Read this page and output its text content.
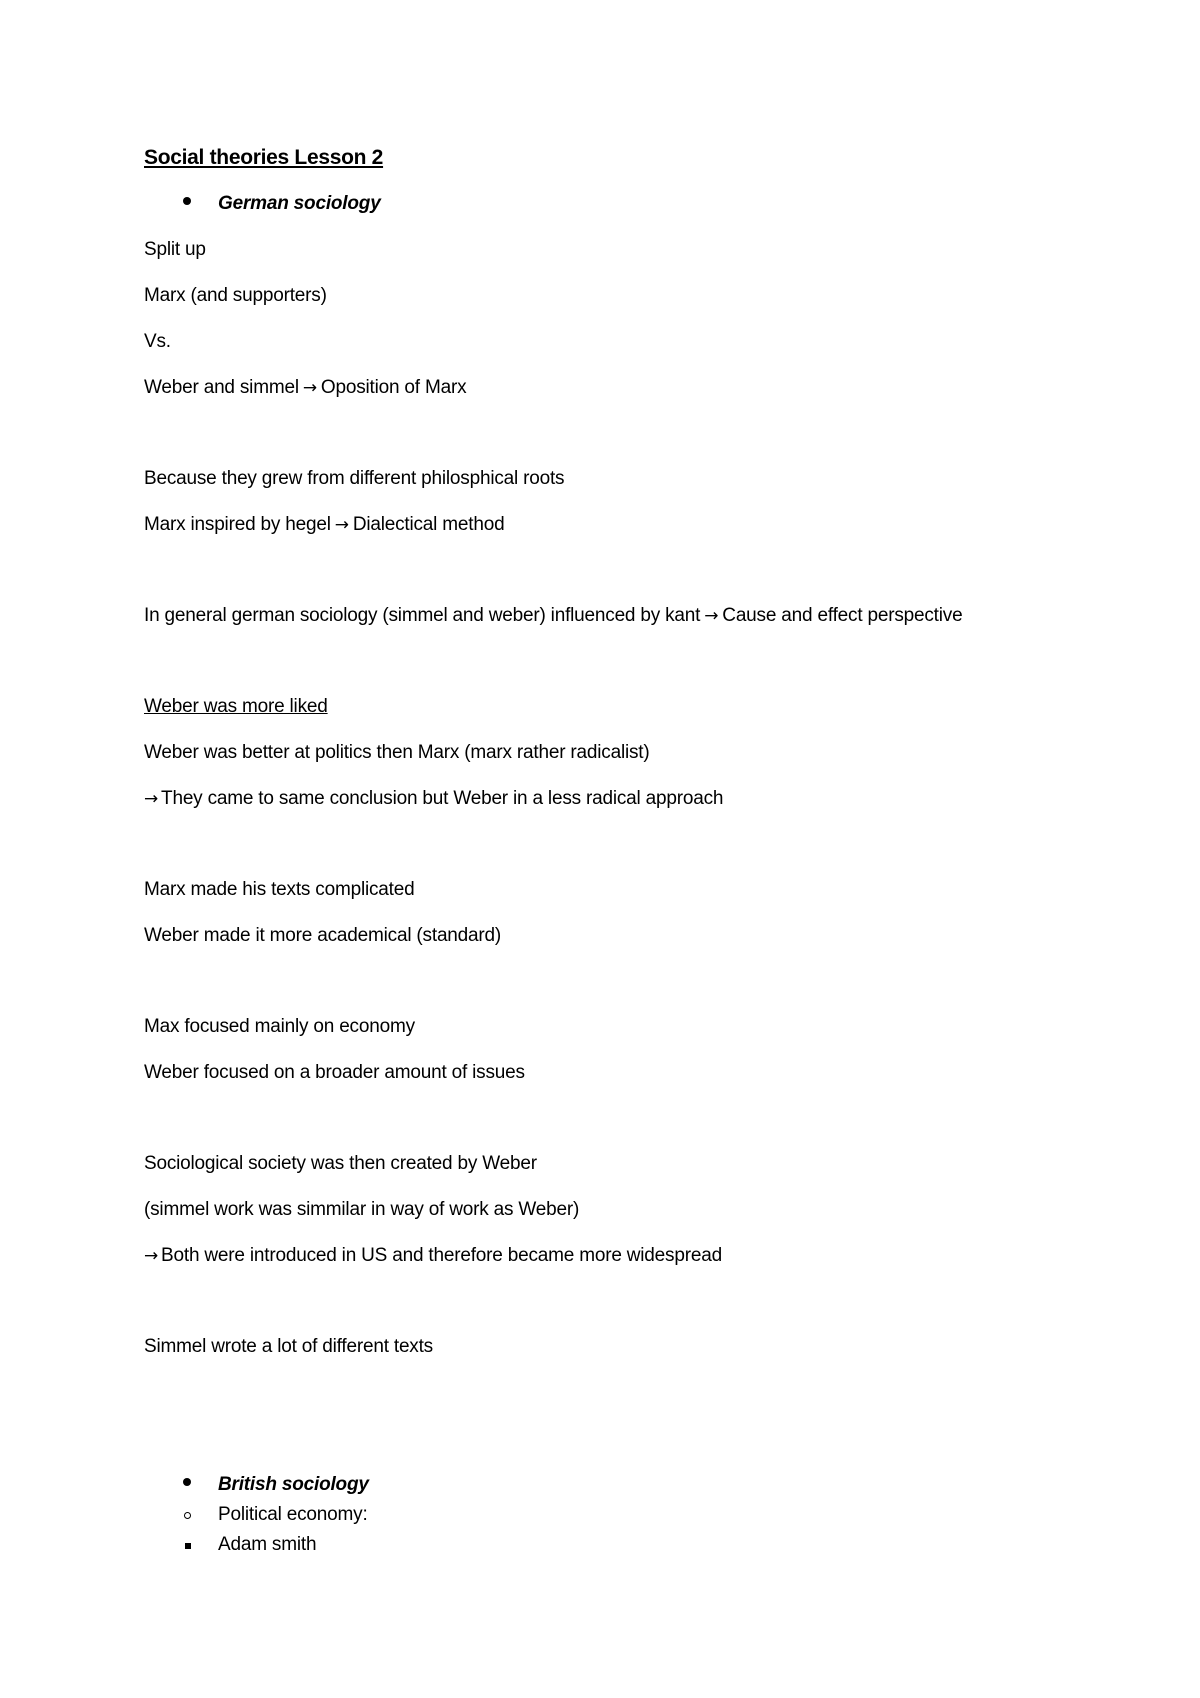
Social theories Lesson 2
German sociology
Split up
Marx (and supporters)
Vs.
Weber and simmel → Oposition of Marx
Because they grew from different philosphical roots
Marx inspired by hegel → Dialectical method
In general german sociology (simmel and weber) influenced by kant → Cause and effect perspective
Weber was more liked
Weber was better at politics then Marx (marx rather radicalist)
→ They came to same conclusion but Weber in a less radical approach
Marx made his texts complicated
Weber made it more academical (standard)
Max focused mainly on economy
Weber focused on a broader amount of issues
Sociological society was then created by Weber
(simmel work was simmilar in way of work as Weber)
→ Both were introduced in US and therefore became more widespread
Simmel wrote a lot of different texts
British sociology
Political economy:
Adam smith
